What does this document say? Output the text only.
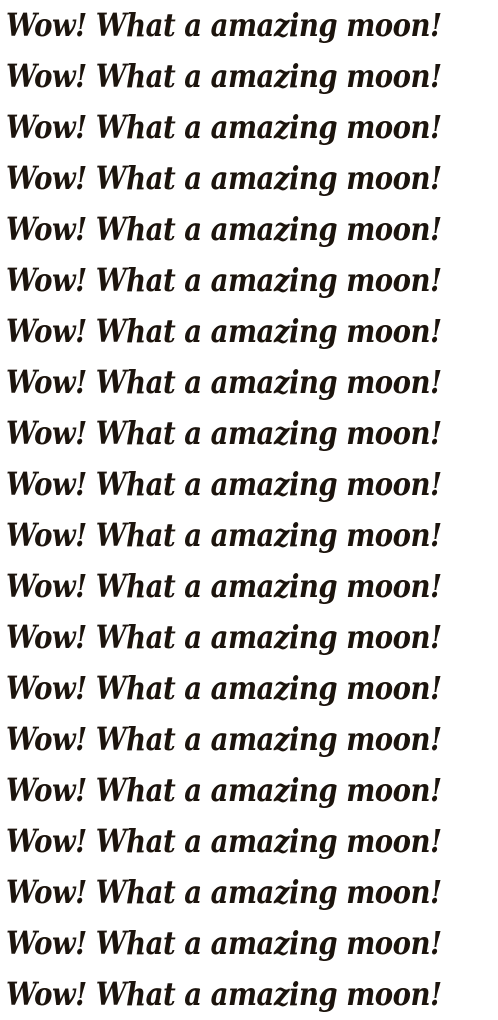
Wow! What a amazing moon!
Wow! What a amazing moon!
Wow! What a amazing moon!
Wow! What a amazing moon!
Wow! What a amazing moon!
Wow! What a amazing moon!
Wow! What a amazing moon!
Wow! What a amazing moon!
Wow! What a amazing moon!
Wow! What a amazing moon!
Wow! What a amazing moon!
Wow! What a amazing moon!
Wow! What a amazing moon!
Wow! What a amazing moon!
Wow! What a amazing moon!
Wow! What a amazing moon!
Wow! What a amazing moon!
Wow! What a amazing moon!
Wow! What a amazing moon!
Wow! What a amazing moon!
